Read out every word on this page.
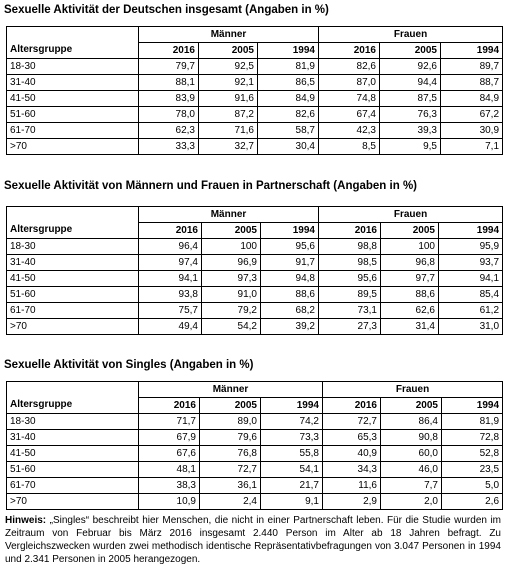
Sexuelle Aktivität der Deutschen insgesamt (Angaben in %)
	Männer			Frauen		
Altersgruppe	2016	2005	1994	2016	2005	1994
18-30	79,7	92,5	81,9	82,6	92,6	89,7
31-40	88,1	92,1	86,5	87,0	94,4	88,7
41-50	83,9	91,6	84,9	74,8	87,5	84,9
51-60	78,0	87,2	82,6	67,4	76,3	67,2
61-70	62,3	71,6	58,7	42,3	39,3	30,9
>70	33,3	32,7	30,4	8,5	9,5	7,1
Sexuelle Aktivität von Männern und Frauen in Partnerschaft (Angaben in %)
	Männer			Frauen		
Altersgruppe	2016	2005	1994	2016	2005	1994
18-30	96,4	100	95,6	98,8	100	95,9
31-40	97,4	96,9	91,7	98,5	96,8	93,7
41-50	94,1	97,3	94,8	95,6	97,7	94,1
51-60	93,8	91,0	88,6	89,5	88,6	85,4
61-70	75,7	79,2	68,2	73,1	62,6	61,2
>70	49,4	54,2	39,2	27,3	31,4	31,0
Sexuelle Aktivität von Singles (Angaben in %)
	Männer			Frauen		
Altersgruppe	2016	2005	1994	2016	2005	1994
18-30	71,7	89,0	74,2	72,7	86,4	81,9
31-40	67,9	79,6	73,3	65,3	90,8	72,8
41-50	67,6	76,8	55,8	40,9	60,0	52,8
51-60	48,1	72,7	54,1	34,3	46,0	23,5
61-70	38,3	36,1	21,7	11,6	7,7	5,0
>70	10,9	2,4	9,1	2,9	2,0	2,6
Hinweis: „Singles“ beschreibt hier Menschen, die nicht in einer Partnerschaft leben. Für die Studie wurden im Zeitraum von Februar bis März 2016 insgesamt 2.440 Person im Alter ab 18 Jahren befragt. Zu Vergleichszwecken wurden zwei methodisch identische Repräsentativbefragungen von 3.047 Personen in 1994 und 2.341 Personen in 2005 herangezogen.
